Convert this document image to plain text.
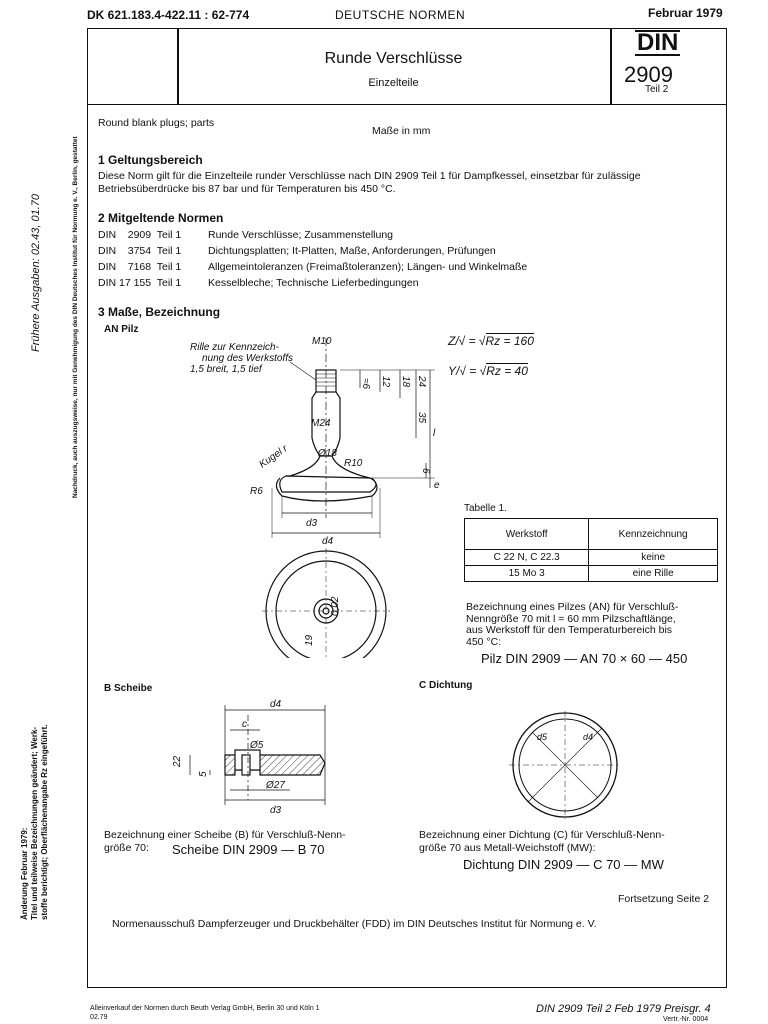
DK 621.183.4-422.11 : 62-774	DEUTSCHE NORMEN	Februar 1979
Runde Verschlüsse
Einzelteile
DIN
2909
Teil 2
Round blank plugs; parts
Maße in mm
1 Geltungsbereich
Diese Norm gilt für die Einzelteile runder Verschlüsse nach DIN 2909 Teil 1 für Dampfkessel, einsetzbar für zulässige
Betriebsüberdrücke bis 87 bar und für Temperaturen bis 450 °C.
2 Mitgeltende Normen
DIN    2909  Teil 1	Runde Verschlüsse; Zusammenstellung
DIN    3754  Teil 1	Dichtungsplatten; It-Platten, Maße, Anforderungen, Prüfungen
DIN    7168  Teil 1	Allgemeintoleranzen (Freimaßtoleranzen); Längen- und Winkelmaße
DIN 17 155  Teil 1	Kesselbleche; Technische Lieferbedingungen
3 Maße, Bezeichnung
AN Pilz
M10
M24
Ø18
Kugel r	R10
R6
d3
d4
≈6 12 18 24
35
l
6
e
19
0,02
Rille zur Kennzeich-
nung des Werkstoffs
1,5 breit, 1,5 tief
Z/√ = √Rz = 160
Y/√ = √Rz = 40
Tabelle 1.
Werkstoff	Kennzeichnung
C 22 N, C 22.3	keine
15 Mo 3	eine Rille
Bezeichnung eines Pilzes (AN) für Verschluß-
Nenngröße 70 mit l = 60 mm Pilzschaftlänge,
aus Werkstoff für den Temperaturbereich bis
450 °C:
Pilz DIN 2909 — AN 70 × 60 — 450
B Scheibe
d4
c
Ø5
Ø27
d3
22
5
Bezeichnung einer Scheibe (B) für Verschluß-Nenn-
größe 70: Scheibe DIN 2909 — B 70
C Dichtung
d5	d4
Bezeichnung einer Dichtung (C) für Verschluß-Nenn-
größe 70 aus Metall-Weichstoff (MW):
Dichtung DIN 2909 — C 70 — MW
Fortsetzung Seite 2
Normenausschuß Dampferzeuger und Druckbehälter (FDD) im DIN Deutsches Institut für Normung e. V.
Frühere Ausgaben: 02.43, 01.70	Nachdruck, auch auszugsweise, nur mit Genehmigung des DIN Deutsches Institut für Normung e. V., Berlin, gestattet
Änderung Februar 1979: Titel und teilweise Bezeichnungen geändert; Werk- stoffe berichtigt; Oberflächenangabe Rz eingeführt.
Alleinverkauf der Normen durch Beuth Verlag GmbH, Berlin 30 und Köln 1
02.79
DIN 2909 Teil 2 Feb 1979 Preisgr. 4
Vertr.-Nr. 0004
